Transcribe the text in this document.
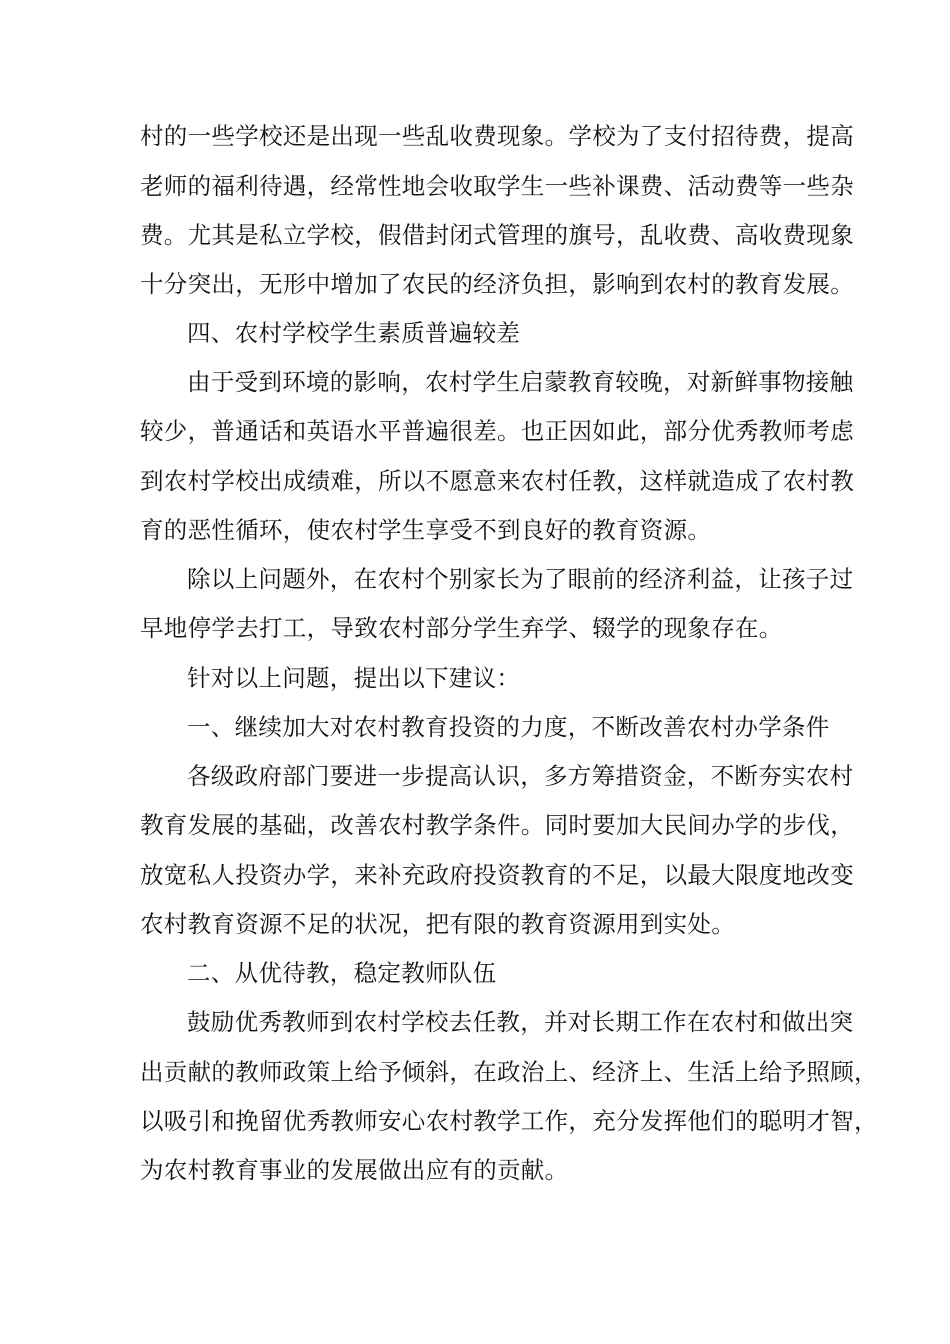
村的一些学校还是出现一些乱收费现象。学校为了支付招待费，提高
老师的福利待遇，经常性地会收取学生一些补课费、活动费等一些杂
费。尤其是私立学校，假借封闭式管理的旗号，乱收费、高收费现象
十分突出，无形中增加了农民的经济负担，影响到农村的教育发展。
四、农村学校学生素质普遍较差
由于受到环境的影响，农村学生启蒙教育较晚，对新鲜事物接触
较少，普通话和英语水平普遍很差。也正因如此，部分优秀教师考虑
到农村学校出成绩难，所以不愿意来农村任教，这样就造成了农村教
育的恶性循环，使农村学生享受不到良好的教育资源。
除以上问题外，在农村个别家长为了眼前的经济利益，让孩子过
早地停学去打工，导致农村部分学生弃学、辍学的现象存在。
针对以上问题，提出以下建议：
一、继续加大对农村教育投资的力度，不断改善农村办学条件
各级政府部门要进一步提高认识，多方筹措资金，不断夯实农村
教育发展的基础，改善农村教学条件。同时要加大民间办学的步伐，
放宽私人投资办学，来补充政府投资教育的不足，以最大限度地改变
农村教育资源不足的状况，把有限的教育资源用到实处。
二、从优待教，稳定教师队伍
鼓励优秀教师到农村学校去任教，并对长期工作在农村和做出突
出贡献的教师政策上给予倾斜，在政治上、经济上、生活上给予照顾，
以吸引和挽留优秀教师安心农村教学工作，充分发挥他们的聪明才智，
为农村教育事业的发展做出应有的贡献。
